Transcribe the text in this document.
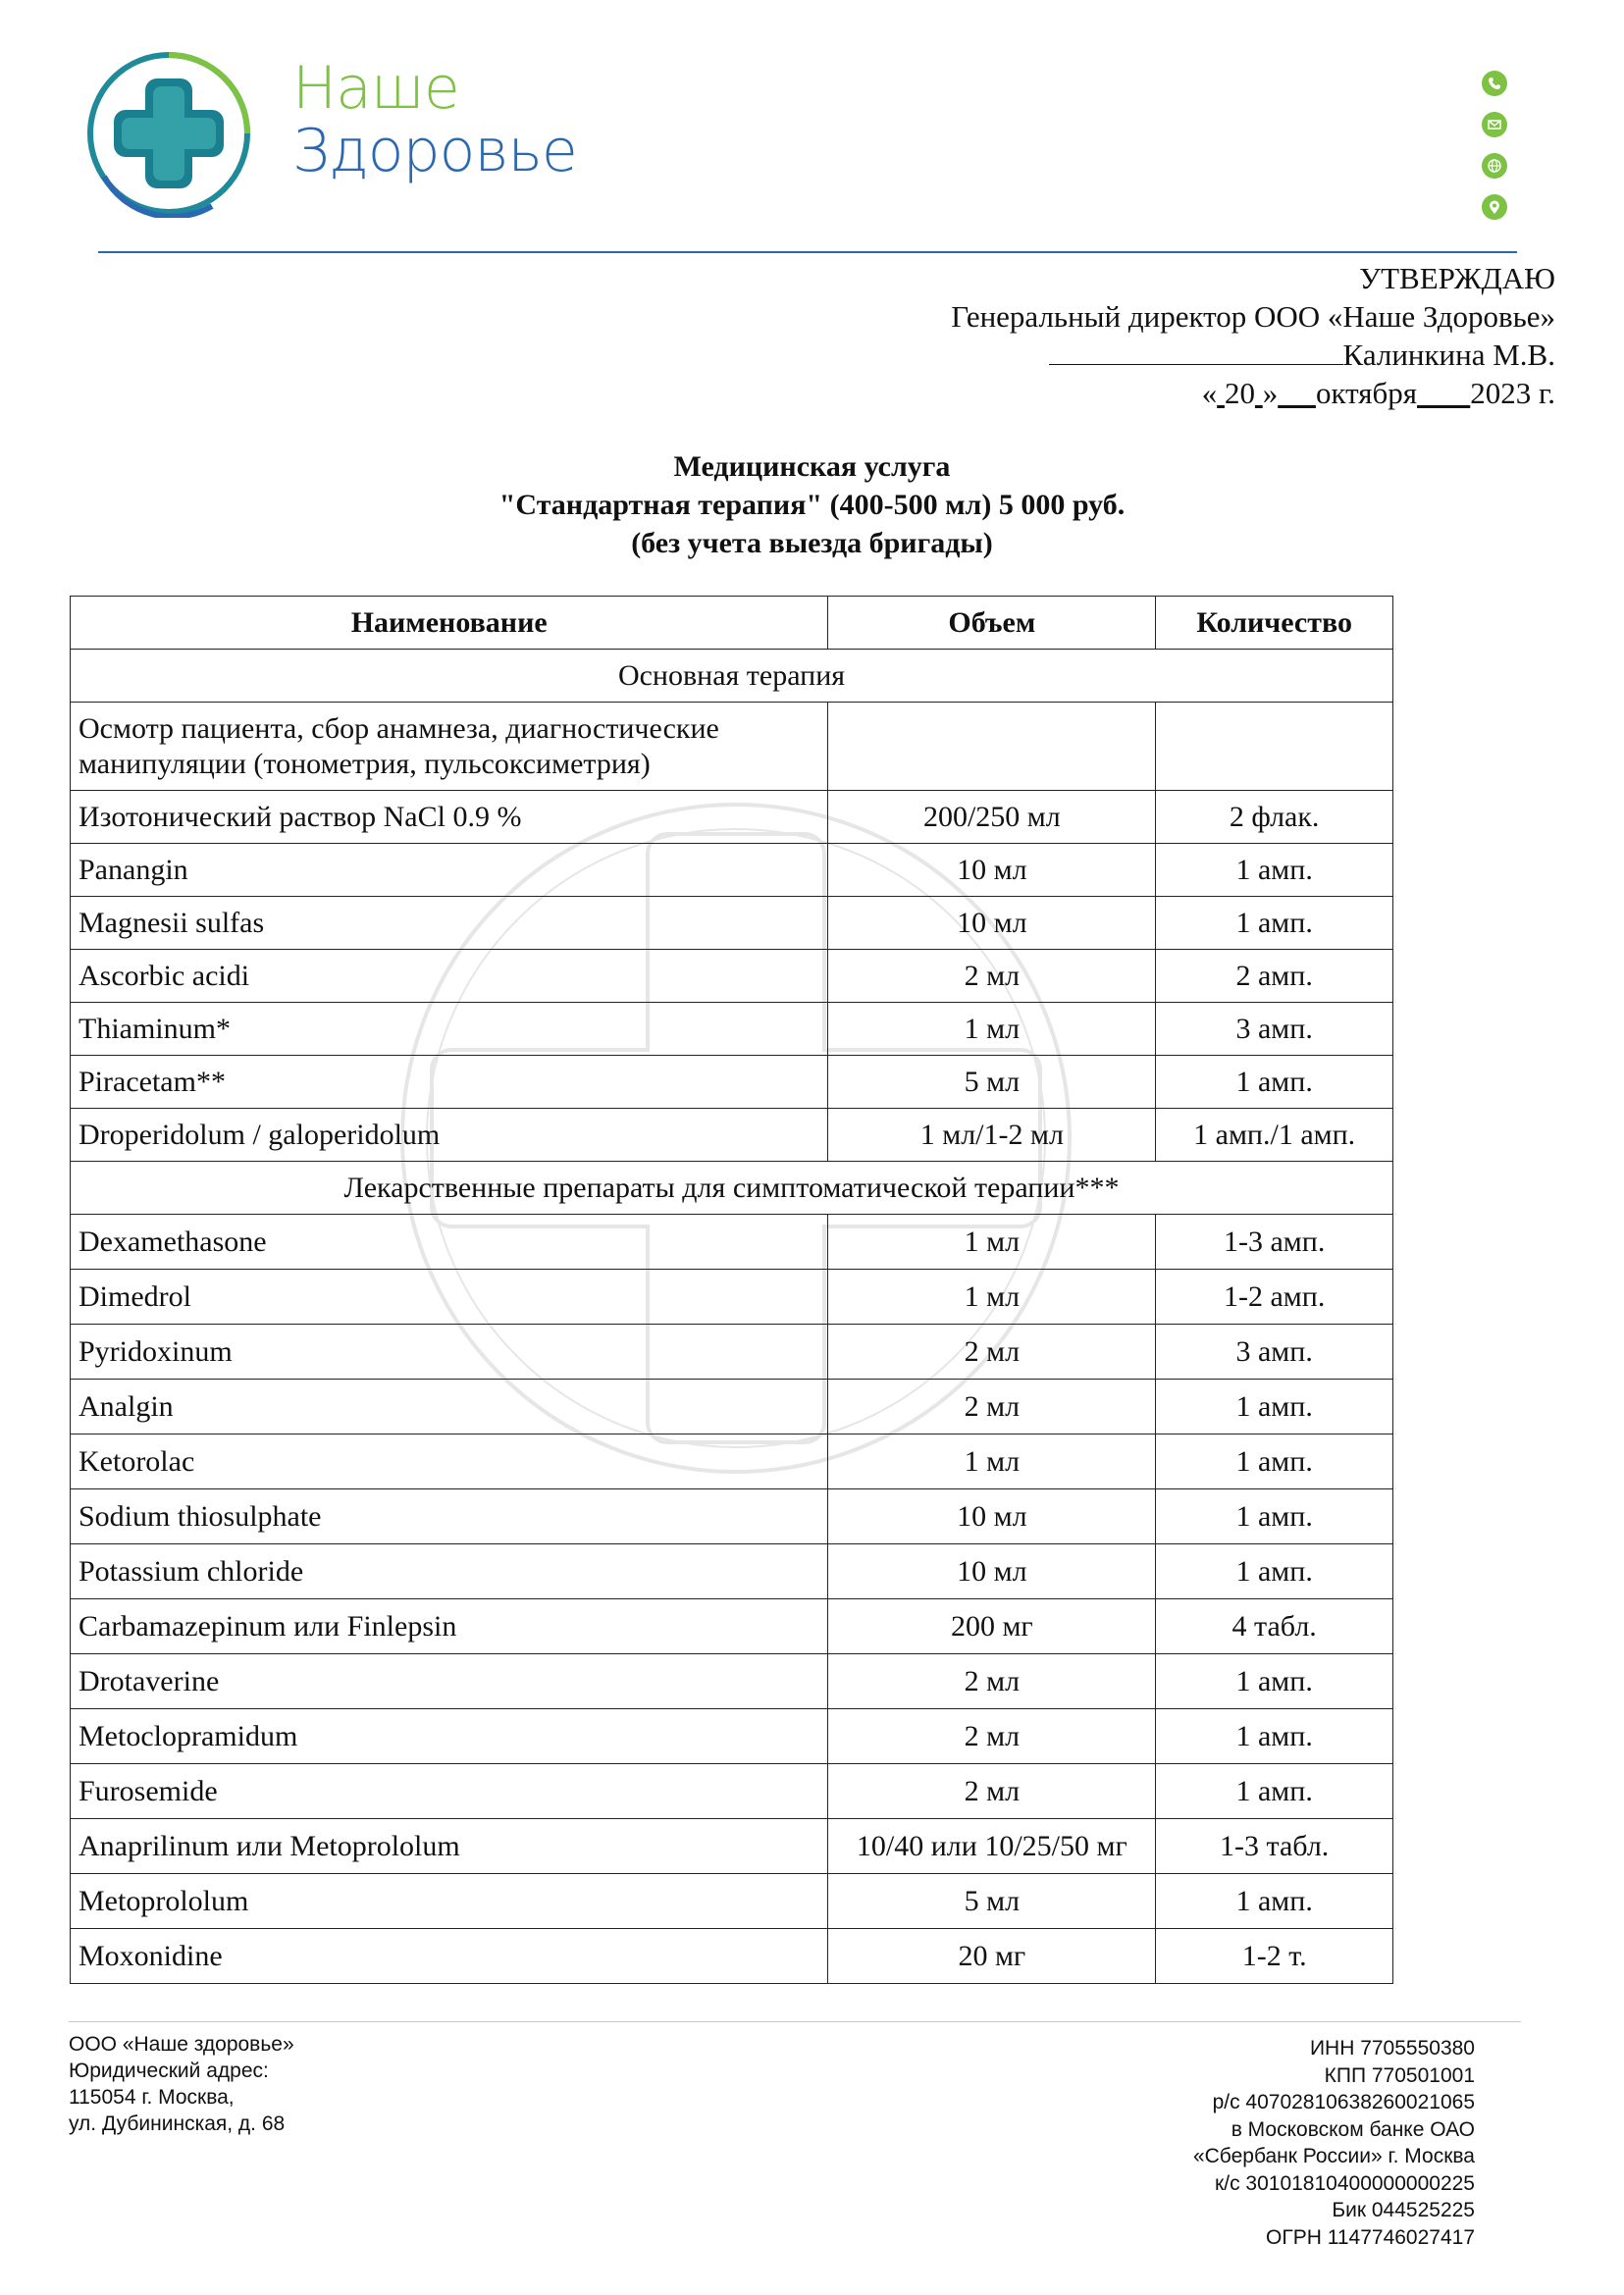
Наше
Здоровье
УТВЕРЖДАЮ
Генеральный директор ООО «Наше Здоровье»
Калинкина М.В.
« 20 » октября 2023 г.
Медицинская услуга
"Стандартная терапия" (400-500 мл) 5 000 руб.
(без учета выезда бригады)
Наименование	Объем	Количество
Основная терапия		
Осмотр пациента, сбор анамнеза, диагностические манипуляции (тонометрия, пульсоксиметрия)		
Изотонический раствор NaCl 0.9 %	200/250 мл	2 флак.
Panangin	10 мл	1 амп.
Magnesii sulfas	10 мл	1 амп.
Ascorbic acidi	2 мл	2 амп.
Thiaminum*	1 мл	3 амп.
Piracetam**	5 мл	1 амп.
Droperidolum / galoperidolum	1 мл/1-2 мл	1 амп./1 амп.
Лекарственные препараты для симптоматической терапии***		
Dexamethasone	1 мл	1-3 амп.
Dimedrol	1 мл	1-2 амп.
Pyridoxinum	2 мл	3 амп.
Analgin	2 мл	1 амп.
Ketorolac	1 мл	1 амп.
Sodium thiosulphate	10 мл	1 амп.
Potassium chloride	10 мл	1 амп.
Carbamazepinum или Finlepsin	200 мг	4 табл.
Drotaverine	2 мл	1 амп.
Metoclopramidum	2 мл	1 амп.
Furosemide	2 мл	1 амп.
Anaprilinum или Metoprololum	10/40 или 10/25/50 мг	1-3 табл.
Metoprololum	5 мл	1 амп.
Moxonidine	20 мг	1-2 т.
ООО «Наше здоровье»
Юридический адрес:
115054 г. Москва,
ул. Дубининская, д. 68
ИНН 7705550380
КПП 770501001
р/с 40702810638260021065
в Московском банке ОАО
«Сбербанк России» г. Москва
к/с 30101810400000000225
Бик 044525225
ОГРН 1147746027417
